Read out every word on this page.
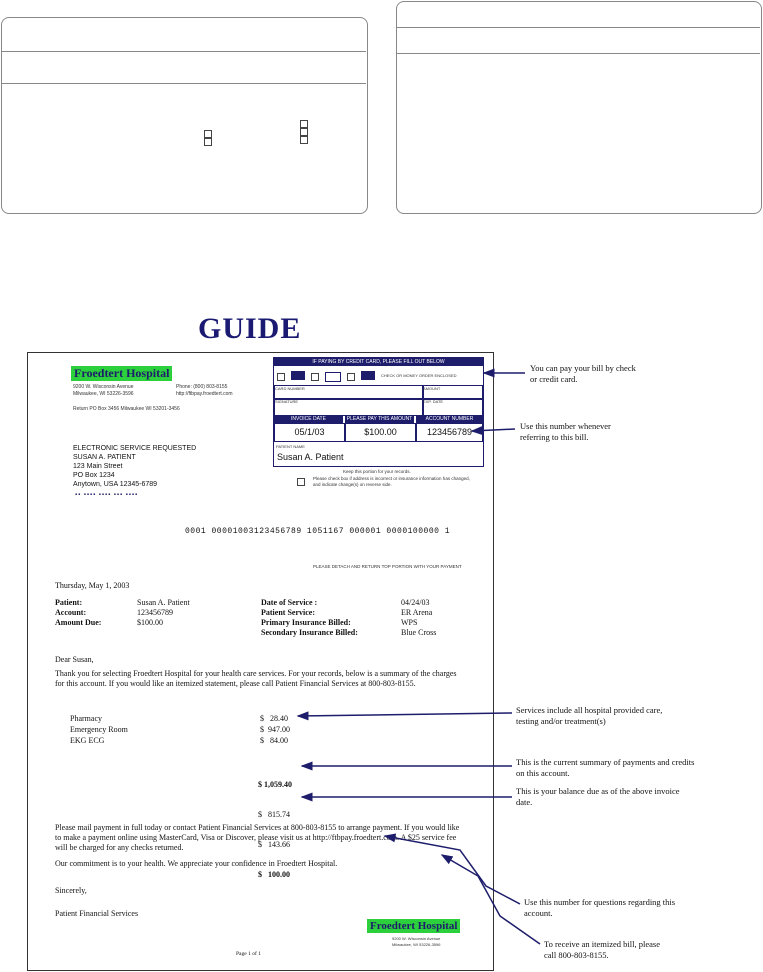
GUIDE
Froedtert Hospital
9200 W. Wisconsin Avenue
Milwaukee, WI 53226-3596
Phone: (800) 803-8155
http://ftbpay.froedtert.com
Return PO Box 3456 Milwaukee WI 53201-3456
ELECTRONIC SERVICE REQUESTED
SUSAN A. PATIENT
123 Main Street
PO Box 1234
Anytown, USA 12345-6789
▪▪ ▪▪▪▪ ▪▪▪▪ ▪▪▪ ▪▪▪▪
IF PAYING BY CREDIT CARD, PLEASE FILL OUT BELOW
CHECK OR MONEY ORDER ENCLOSED
CARD NUMBER	AMOUNT
SIGNATURE	EXP. DATE
INVOICE DATE	PLEASE PAY THIS AMOUNT	ACCOUNT NUMBER
05/1/03	$100.00	123456789
PATIENT NAME
Susan A. Patient
Keep this portion for your records.
Please check box if address is incorrect or insurance information has changed, and indicate change(s) on reverse side.
0001 00001003123456789 1051167 000001 0000100000 1
PLEASE DETACH AND RETURN TOP PORTION WITH YOUR PAYMENT
Thursday, May 1, 2003
Patient:	Susan A. Patient
Account:	123456789
Amount Due:	$100.00
Date of Service :	04/24/03
Patient Service:	ER Arena
Primary Insurance Billed:	WPS
Secondary Insurance Billed:	Blue Cross
Dear Susan,
Thank you for selecting Froedtert Hospital for your health care services. For your records, below is a summary of the charges for this account. If you would like an itemized statement, please call Patient Financial Services at 800-803-8155.
Pharmacy	$   28.40
Emergency Room	$  947.00
EKG ECG	$   84.00

$ 1,059.40

$   815.74

$   143.66

$   100.00

Please mail payment in full today or contact Patient Financial Services at 800-803-8155 to arrange payment. If you would like to make a payment online using MasterCard, Visa or Discover, please visit us at http://ftbpay.froedtert.com. A $25 service fee will be charged for any checks returned.
Our commitment is to your health. We appreciate your confidence in Froedtert Hospital.
Sincerely,
Patient Financial Services
Froedtert Hospital
9200 W. Wisconsin Avenue
Milwaukee, WI 53226-3596
Page 1 of 1
You can pay your bill by check or credit card.
Use this number whenever referring to this bill.
Services include all hospital provided care, testing and/or treatment(s)
This is the current summary of payments and credits on this account.
This is your balance due as of the above invoice date.
Use this number for questions regarding this account.
To receive an itemized bill, please call 800-803-8155.
